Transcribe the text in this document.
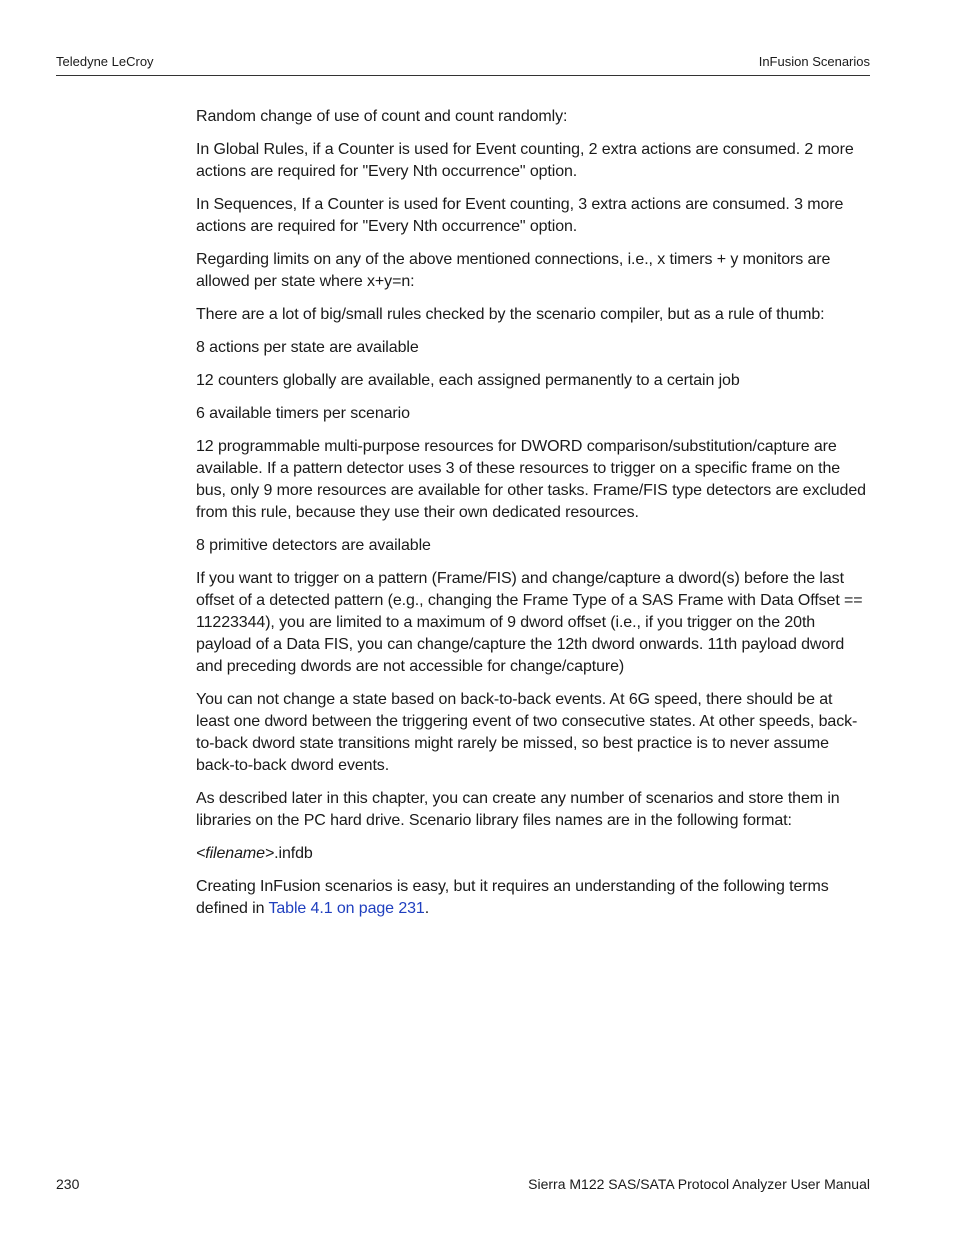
Teledyne LeCroy	InFusion Scenarios

Random change of use of count and count randomly:

In Global Rules, if a Counter is used for Event counting, 2 extra actions are consumed. 2 more actions are required for "Every Nth occurrence" option.

In Sequences, If a Counter is used for Event counting, 3 extra actions are consumed. 3 more actions are required for "Every Nth occurrence" option.

Regarding limits on any of the above mentioned connections, i.e., x timers + y monitors are allowed per state where x+y=n:

There are a lot of big/small rules checked by the scenario compiler, but as a rule of thumb:

8 actions per state are available

12 counters globally are available, each assigned permanently to a certain job

6 available timers per scenario

12 programmable multi-purpose resources for DWORD comparison/substitution/capture are available. If a pattern detector uses 3 of these resources to trigger on a specific frame on the bus, only 9 more resources are available for other tasks. Frame/FIS type detectors are excluded from this rule, because they use their own dedicated resources.

8 primitive detectors are available

If you want to trigger on a pattern (Frame/FIS) and change/capture a dword(s) before the last offset of a detected pattern (e.g., changing the Frame Type of a SAS Frame with Data Offset == 11223344), you are limited to a maximum of 9 dword offset (i.e., if you trigger on the 20th payload of a Data FIS, you can change/capture the 12th dword onwards. 11th payload dword and preceding dwords are not accessible for change/capture)

You can not change a state based on back-to-back events. At 6G speed, there should be at least one dword between the triggering event of two consecutive states. At other speeds, back-to-back dword state transitions might rarely be missed, so best practice is to never assume back-to-back dword events.

As described later in this chapter, you can create any number of scenarios and store them in libraries on the PC hard drive. Scenario library files names are in the following format:

<filename>.infdb

Creating InFusion scenarios is easy, but it requires an understanding of the following terms defined in Table 4.1 on page 231.

230	Sierra M122 SAS/SATA Protocol Analyzer User Manual
